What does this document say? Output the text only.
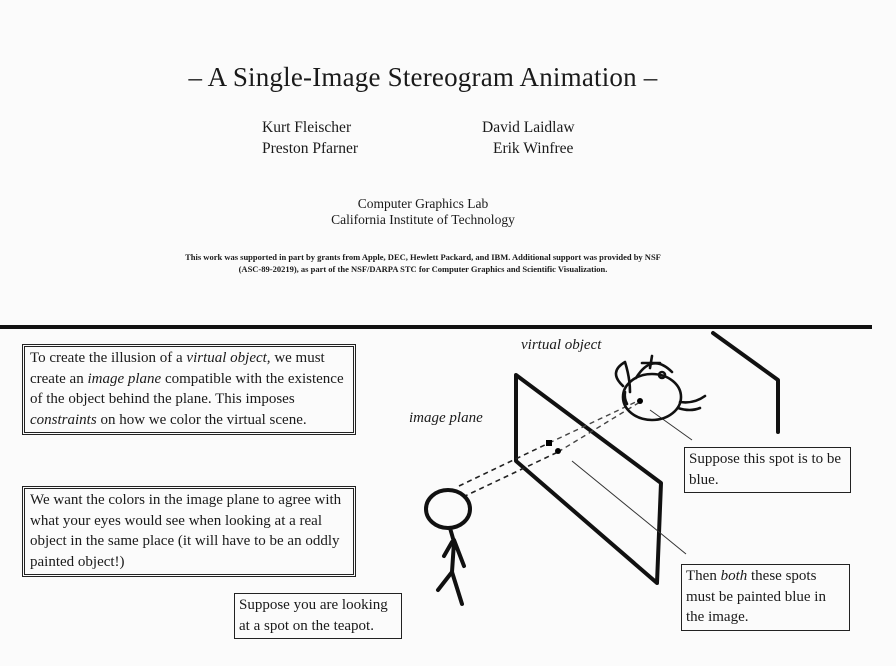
– A Single-Image Stereogram Animation –
Kurt Fleischer
Preston Pfarner
David Laidlaw
Erik Winfree
Computer Graphics Lab
California Institute of Technology
This work was supported in part by grants from Apple, DEC, Hewlett Packard, and IBM. Additional support was provided by NSF
(ASC-89-20219), as part of the NSF/DARPA STC for Computer Graphics and Scientific Visualization.
virtual object
image plane
To create the illusion of a virtual object, we must create an image plane compatible with the existence of the object behind the plane. This imposes constraints on how we color the virtual scene.
We want the colors in the image plane to agree with what your eyes would see when looking at a real object in the same place (it will have to be an oddly painted object!)
Suppose you are looking at a spot on the teapot.
Suppose this spot is to be blue.
Then both these spots must be painted blue in the image.
